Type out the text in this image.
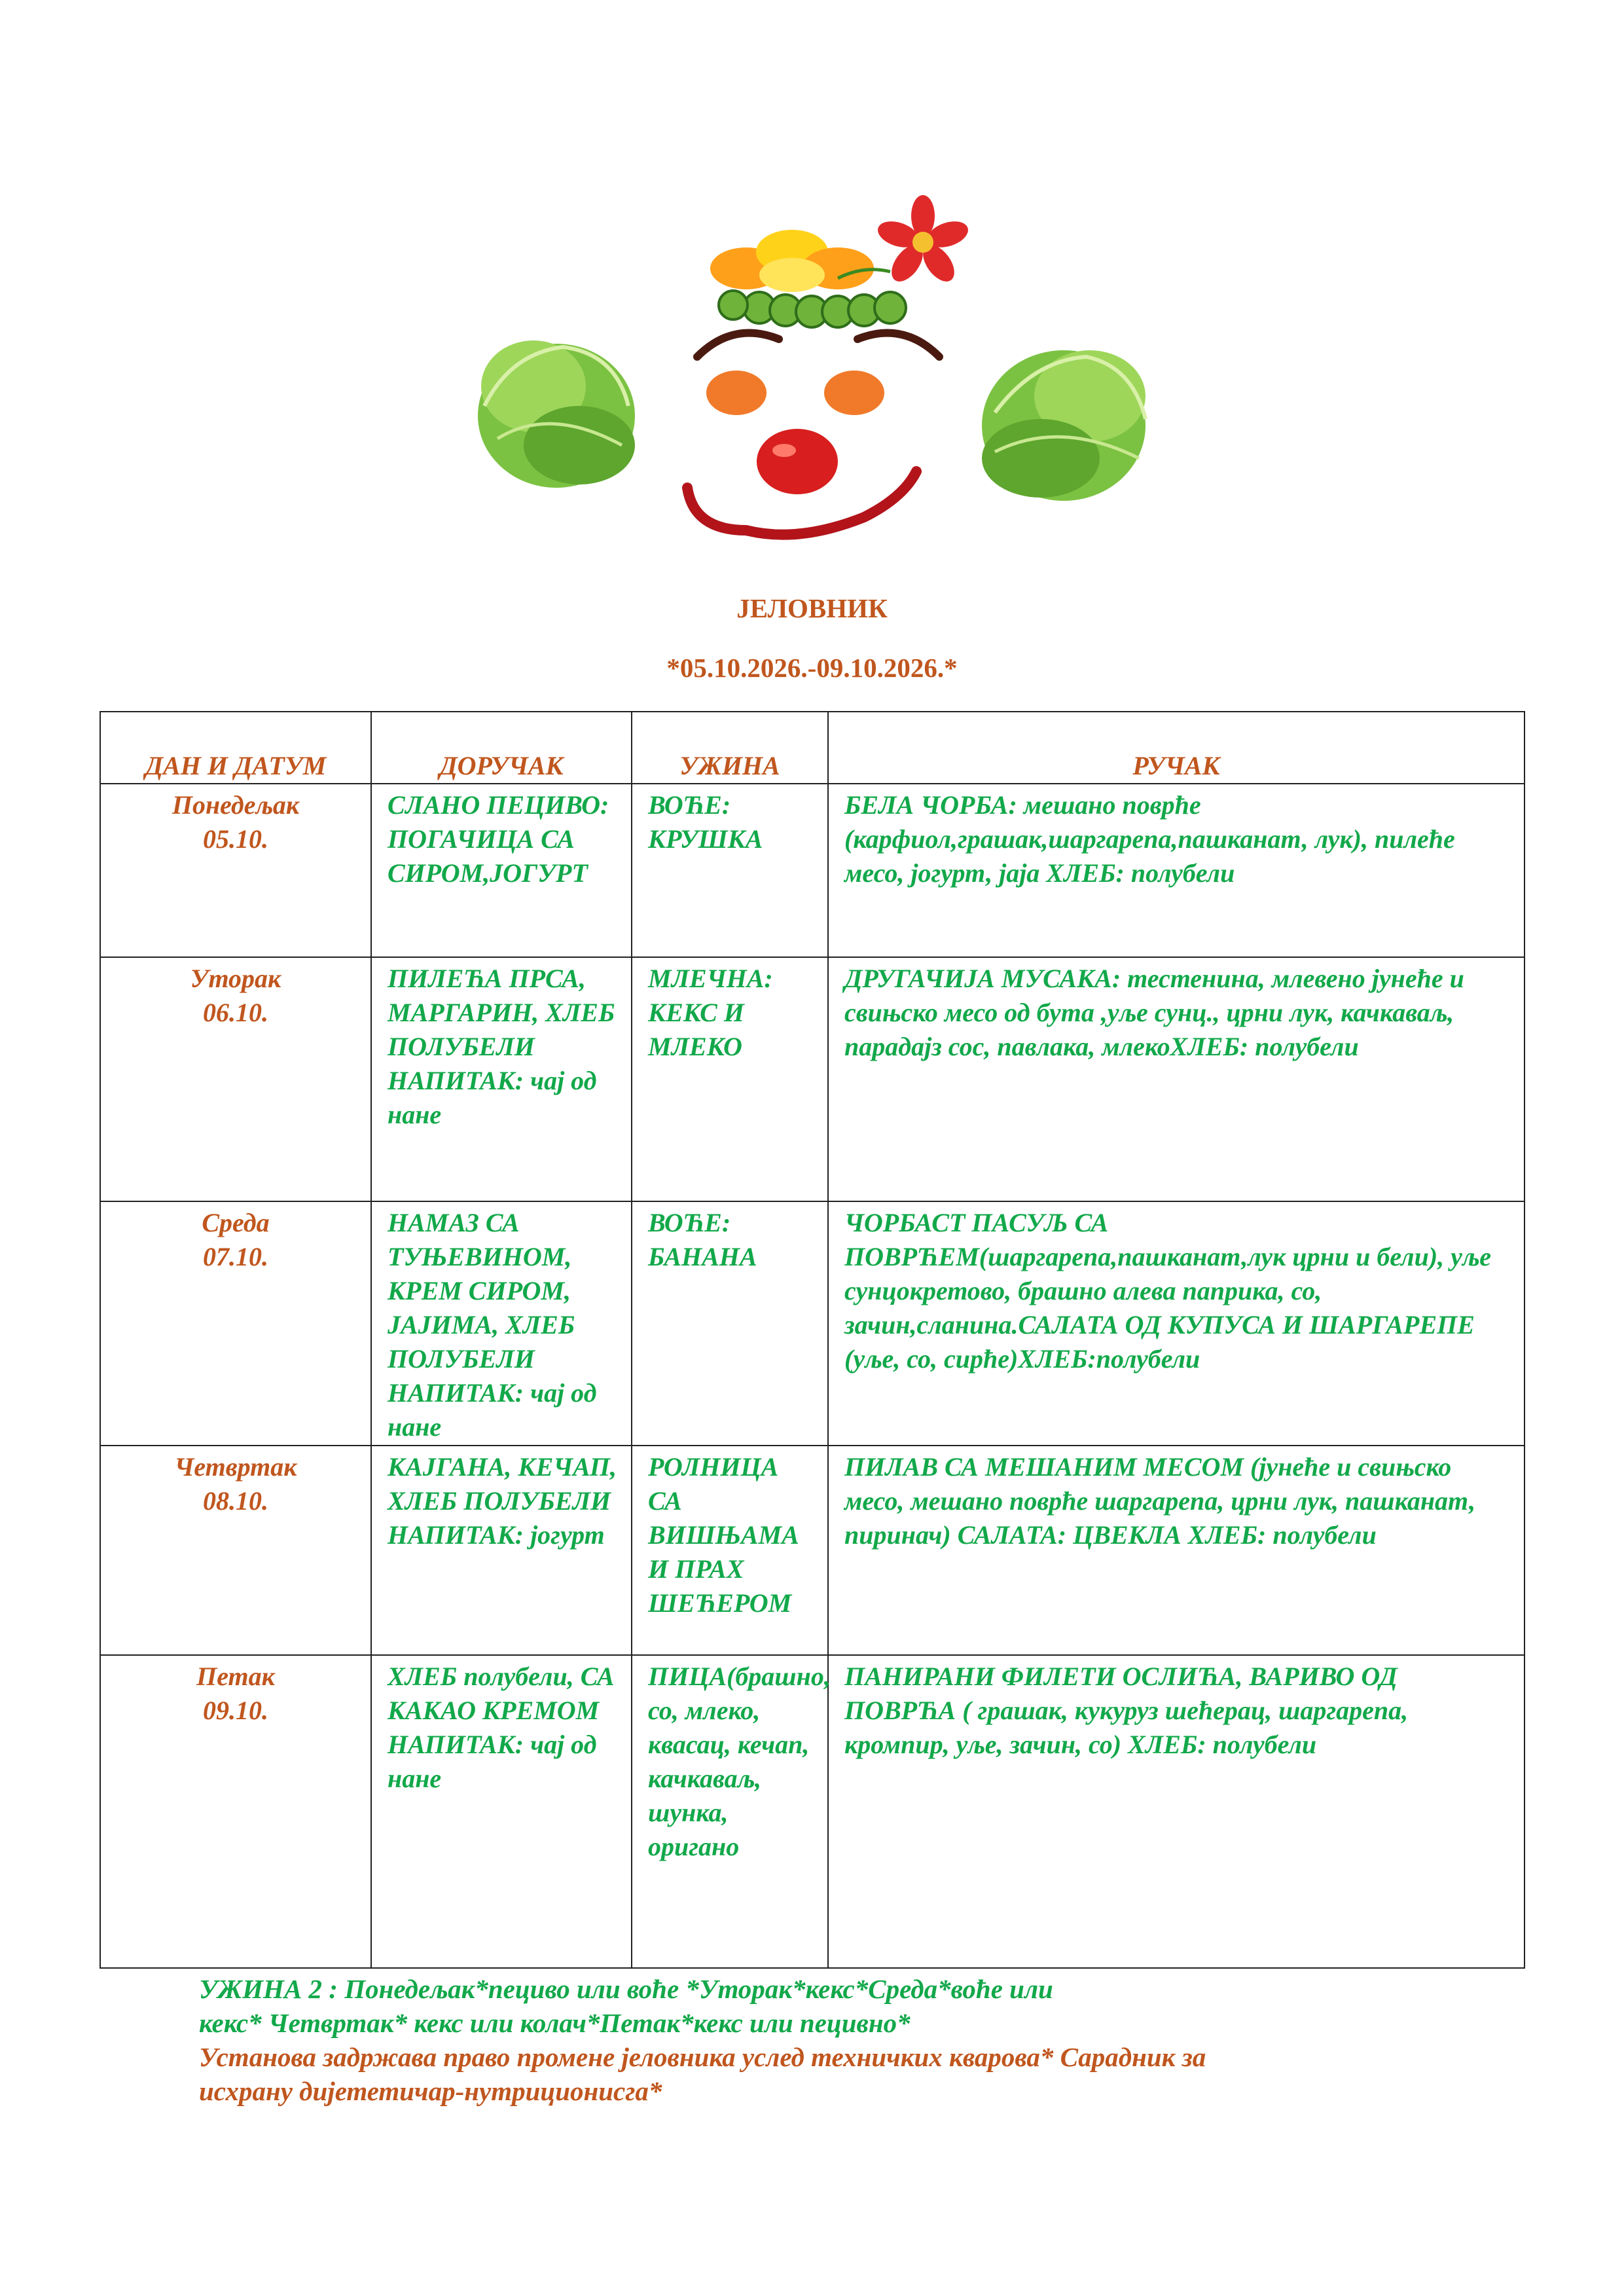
ЈЕЛОВНИК
*05.10.2026.-09.10.2026.*
ДАН И ДАТУМ	ДОРУЧАК	УЖИНА	РУЧАК

Понедељак
05.10.	СЛАНО ПЕЦИВО: ПОГАЧИЦА СА СИРОМ,ЈОГУРТ	ВОЋЕ: КРУШКА	БЕЛА ЧОРБА: мешано поврће (карфиол,грашак,шаргарепа,пашканат, лук), пилеће месо, јогурт, јаја ХЛЕБ: полубели

Уторак
06.10.	ПИЛЕЋА ПРСА, МАРГАРИН, ХЛЕБ ПОЛУБЕЛИ НАПИТАК: чај од нане	МЛЕЧНА: КЕКС И МЛЕКО	ДРУГАЧИЈА МУСАКА: тестенина, млевено јунеће и свињско месо од бута ,уље сунц., црни лук, качкаваљ, парадајз сос, павлака, млекоХЛЕБ: полубели

Среда
07.10.	НАМАЗ СА ТУЊЕВИНОМ, КРЕМ СИРОМ, ЈАЈИМА, ХЛЕБ ПОЛУБЕЛИ НАПИТАК: чај од нане	ВОЋЕ: БАНАНА	ЧОРБАСТ ПАСУЉ СА ПОВРЋЕМ(шаргарепа,пашканат,лук црни и бели), уље сунцокретово, брашно алева паприка, со, зачин,сланина.САЛАТА ОД КУПУСА И ШАРГАРЕПЕ (уље, со, сирће)ХЛЕБ:полубели

Четвртак
08.10.	КАЈГАНА, КЕЧАП, ХЛЕБ ПОЛУБЕЛИ НАПИТАК: јогурт	РОЛНИЦА СА ВИШЊАМА И ПРАХ ШЕЋЕРОМ	ПИЛАВ СА МЕШАНИМ МЕСОМ (јунеће и свињско месо, мешано поврће шаргарепа, црни лук, пашканат, пиринач) САЛАТА: ЦВЕКЛА ХЛЕБ: полубели

Петак
09.10.	ХЛЕБ полубели, СА КАКАО КРЕМОМ НАПИТАК: чај од нане	ПИЦА(брашно, со, млеко, квасац, кечап, качкаваљ, шунка, оригано	ПАНИРАНИ ФИЛЕТИ ОСЛИЋА, ВАРИВО ОД ПОВРЋА ( грашак, кукуруз шећерац, шаргарепа, кромпир, уље, зачин, со) ХЛЕБ: полубели
УЖИНА 2 : Понедељак*пециво или воће *Уторак*кекс*Среда*воће или
кекс* Четвртак* кекс или колач*Петак*кекс или пецивно*
Установа задржава право промене јеловника услед техничких кварова* Сарадник за
исхрану дијететичар-нутриционисга*
